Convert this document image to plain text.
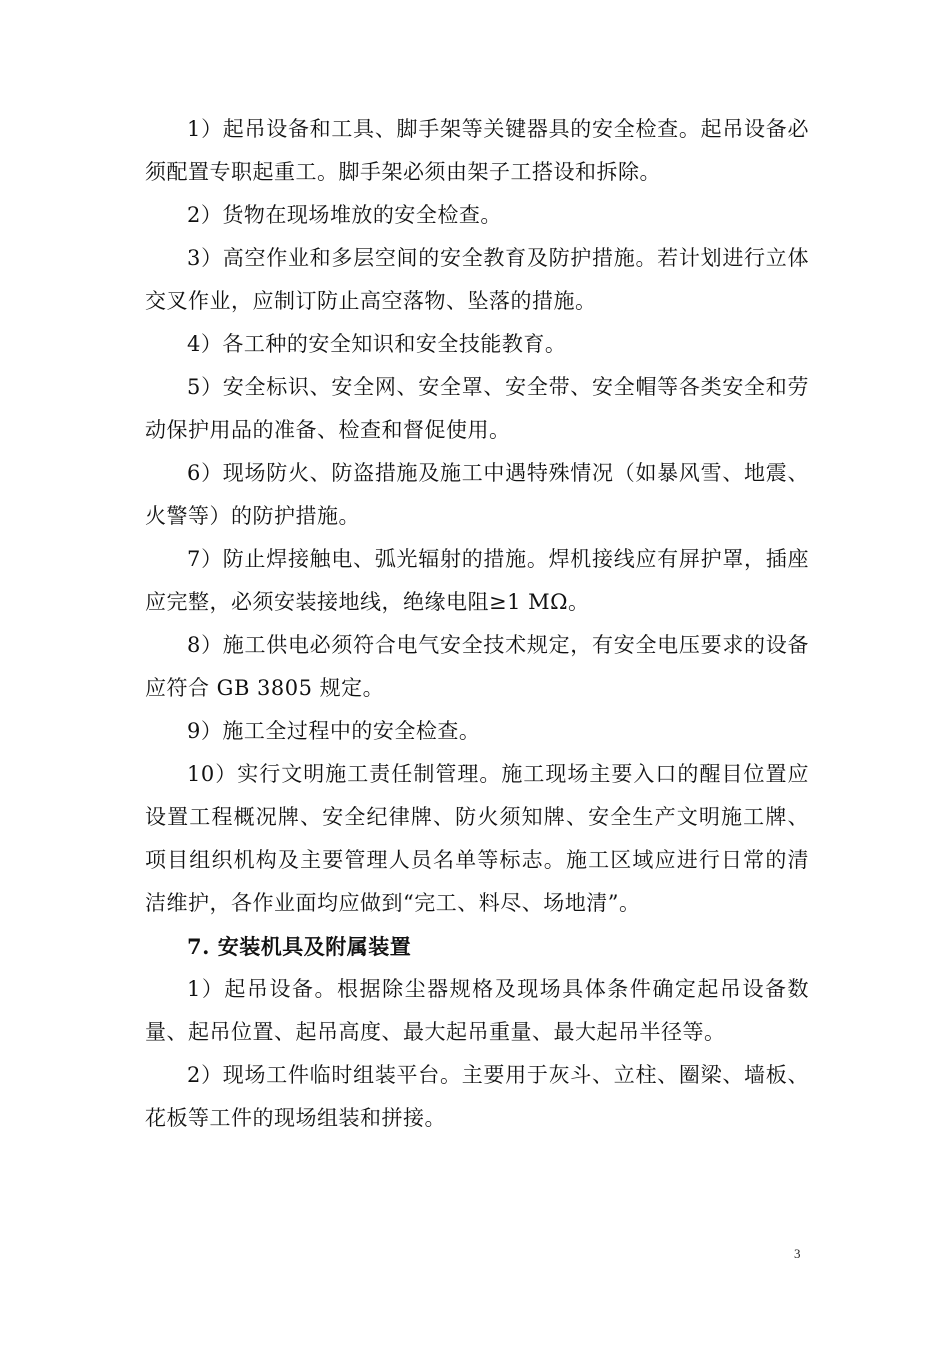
1）起吊设备和工具、脚手架等关键器具的安全检查。起吊设备必须配置专职起重工。脚手架必须由架子工搭设和拆除。

2）货物在现场堆放的安全检查。

3）高空作业和多层空间的安全教育及防护措施。若计划进行立体交叉作业，应制订防止高空落物、坠落的措施。

4）各工种的安全知识和安全技能教育。

5）安全标识、安全网、安全罩、安全带、安全帽等各类安全和劳动保护用品的准备、检查和督促使用。

6）现场防火、防盗措施及施工中遇特殊情况（如暴风雪、地震、火警等）的防护措施。

7）防止焊接触电、弧光辐射的措施。焊机接线应有屏护罩，插座应完整，必须安装接地线，绝缘电阻≥1 MΩ。

8）施工供电必须符合电气安全技术规定，有安全电压要求的设备应符合 GB 3805 规定。

9）施工全过程中的安全检查。

10）实行文明施工责任制管理。施工现场主要入口的醒目位置应设置工程概况牌、安全纪律牌、防火须知牌、安全生产文明施工牌、项目组织机构及主要管理人员名单等标志。施工区域应进行日常的清洁维护，各作业面均应做到“完工、料尽、场地清”。

7. 安装机具及附属装置

1）起吊设备。根据除尘器规格及现场具体条件确定起吊设备数量、起吊位置、起吊高度、最大起吊重量、最大起吊半径等。

2）现场工件临时组装平台。主要用于灰斗、立柱、圈梁、墙板、花板等工件的现场组装和拼接。

3
